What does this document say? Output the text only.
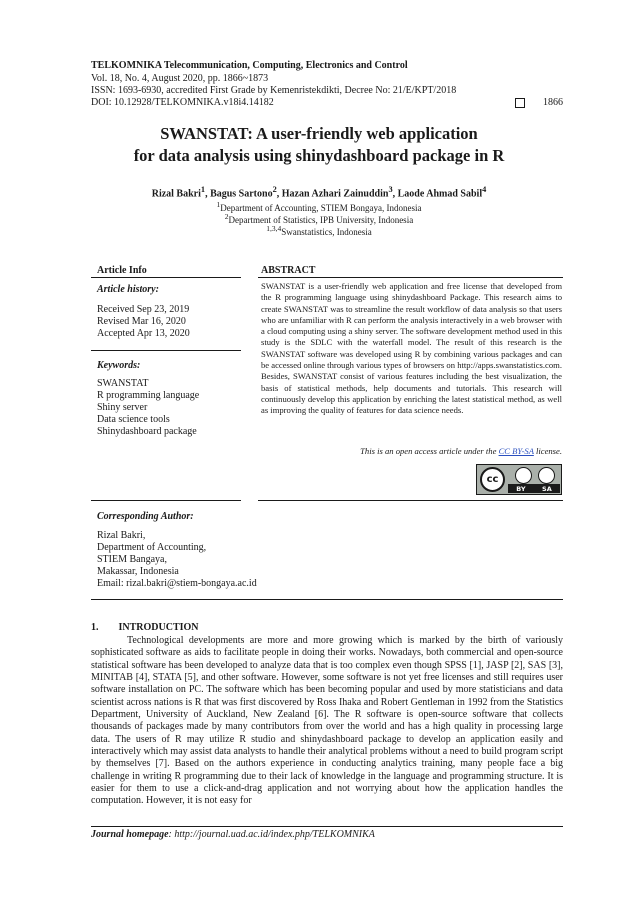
TELKOMNIKA Telecommunication, Computing, Electronics and Control
Vol. 18, No. 4, August 2020, pp. 1866~1873
ISSN: 1693-6930, accredited First Grade by Kemenristekdikti, Decree No: 21/E/KPT/2018
DOI: 10.12928/TELKOMNIKA.v18i4.14182	1866
SWANSTAT: A user-friendly web application
for data analysis using shinydashboard package in R
Rizal Bakri$^1$, Bagus Sartono$^2$, Hazan Azhari Zainuddin$^3$, Laode Ahmad Sabil$^4$
$^1$Department of Accounting, STIEM Bongaya, Indonesia
$^2$Department of Statistics, IPB University, Indonesia
$^{1,3,4}$Swanstatistics, Indonesia
Article Info
Article history:
Received Sep 23, 2019
Revised Mar 16, 2020
Accepted Apr 13, 2020
Keywords:
SWANSTAT
R programming language
Shiny server
Data science tools
Shinydashboard package
ABSTRACT
SWANSTAT is a user-friendly web application and free license that developed from the R programming language using shinydashboard Package. This research aims to create SWANSTAT was to streamline the result workflow of data analysis so that users who are unfamiliar with R can perform the analysis interactively in a web browser with a cloud computing using a shiny server. The software development method used in this study is the SDLC with the waterfall model. The result of this research is the SWANSTAT software was developed using R by combining various packages and can be accessed online through various types of browsers on http://apps.swanstatistics.com. Besides, SWANSTAT consist of various features including the best visualization, the basis of statistical methods, help documents and tutorials. This research will continuously develop this application by enriching the latest statistical method, as well as improving the quality of features for data science needs.
This is an open access article under the CC BY-SA license.
cc
BY	SA
Corresponding Author:
Rizal Bakri,
Department of Accounting,
STIEM Bangaya,
Makassar, Indonesia
Email: rizal.bakri@stiem-bongaya.ac.id
1.        INTRODUCTION
Technological developments are more and more growing which is marked by the birth of variously sophisticated software as aids to facilitate people in doing their works. Nowadays, both commercial and open-source statistical software has been developed to analyze data that is too complex even though SPSS [1], JASP [2], SAS [3], MINITAB [4], STATA [5], and other software. However, some software is not yet free licenses and still requires user software installation on PC. The software which has been becoming popular and used by more statisticians and data scientist across nations is R that was first discovered by Ross Ihaka and Robert Gentleman in 1992 from the Statistics Department, University of Auckland, New Zealand [6]. The R software is open-source software that collects thousands of packages made by many contributors from over the world and has a high quality in processing large data. The users of R may utilize R studio and shinydashboard package to develop an application easily and interactively which may assist data analysts to handle their analytical problems without a need to build program script by themselves [7]. Based on the authors experience in conducting analytics training, many people face a big challenge in writing R programming due to their lack of knowledge in the language and programming structure. It is easier for them to use a click-and-drag application and not worrying about how the application handles the computation. However, it is not easy for
Journal homepage: http://journal.uad.ac.id/index.php/TELKOMNIKA
